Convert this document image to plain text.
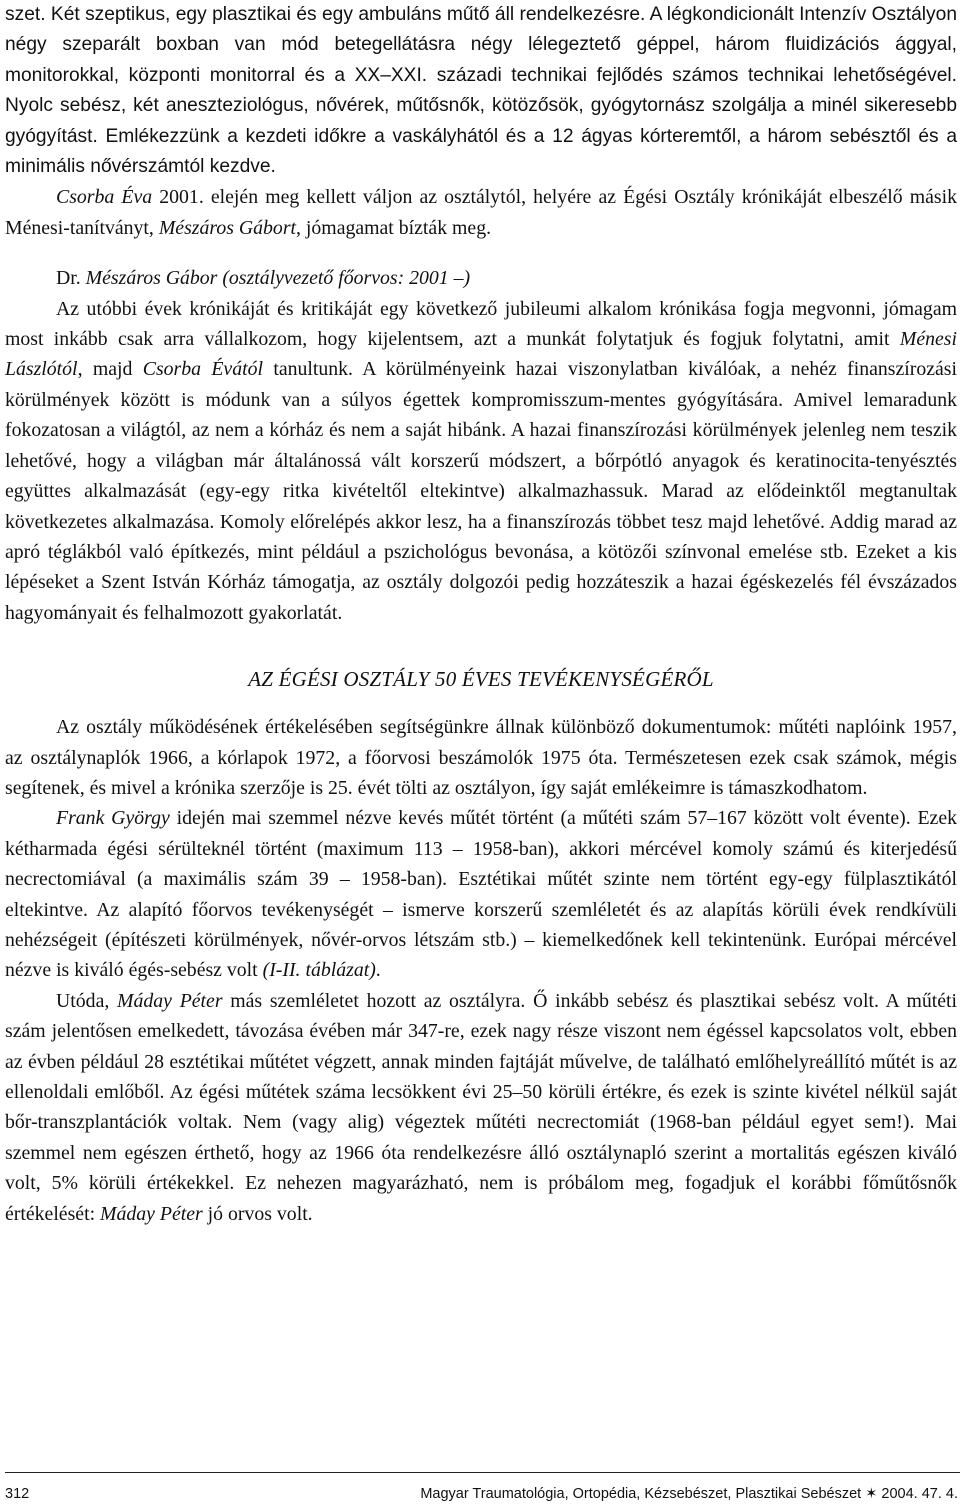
szet. Két szeptikus, egy plasztikai és egy ambuláns műtő áll rendelkezésre. A légkondicionált Intenzív Osztályon négy szeparált boxban van mód betegellátásra négy lélegeztető géppel, három fluidizációs ággyal, monitorokkal, központi monitorral és a XX–XXI. századi technikai fejlődés számos technikai lehetőségével. Nyolc sebész, két aneszteziológus, nővérek, műtősnők, kötözősök, gyógytornász szolgálja a minél sikeresebb gyógyítást. Emlékezzünk a kezdeti időkre a vaskályhától és a 12 ágyas kórteremtől, a három sebésztől és a minimális nővérszámtól kezdve.

Csorba Éva 2001. elején meg kellett váljon az osztálytól, helyére az Égési Osztály krónikáját elbeszélő másik Ménesi-tanítványt, Mészáros Gábort, jómagamat bízták meg.

Dr. Mészáros Gábor (osztályvezető főorvos: 2001 –)

Az utóbbi évek krónikáját és kritikáját egy következő jubileumi alkalom krónikása fogja megvonni, jómagam most inkább csak arra vállalkozom, hogy kijelentsem, azt a munkát folytatjuk és fogjuk folytatni, amit Ménesi Lászlótól, majd Csorba Évától tanultunk. A körülményeink hazai viszonylatban kiválóak, a nehéz finanszírozási körülmények között is módunk van a súlyos égettek kompromisszum-mentes gyógyítására. Amivel lemaradunk fokozatosan a világtól, az nem a kórház és nem a saját hibánk. A hazai finanszírozási körülmények jelenleg nem teszik lehetővé, hogy a világban már általánossá vált korszerű módszert, a bőrpótló anyagok és keratinocita-tenyésztés együttes alkalmazását (egy-egy ritka kivételtől eltekintve) alkalmazhassuk. Marad az elődeinktől megtanultak következetes alkalmazása. Komoly előrelépés akkor lesz, ha a finanszírozás többet tesz majd lehetővé. Addig marad az apró téglákból való építkezés, mint például a pszichológus bevonása, a kötözői színvonal emelése stb. Ezeket a kis lépéseket a Szent István Kórház támogatja, az osztály dolgozói pedig hozzáteszik a hazai égéskezelés fél évszázados hagyományait és felhalmozott gyakorlatát.

AZ ÉGÉSI OSZTÁLY 50 ÉVES TEVÉKENYSÉGÉRŐL

Az osztály működésének értékelésében segítségünkre állnak különböző dokumentumok: műtéti naplóink 1957, az osztálynaplók 1966, a kórlapok 1972, a főorvosi beszámolók 1975 óta. Természetesen ezek csak számok, mégis segítenek, és mivel a krónika szerzője is 25. évét tölti az osztályon, így saját emlékeimre is támaszkodhatom.

Frank György idején mai szemmel nézve kevés műtét történt (a műtéti szám 57–167 között volt évente). Ezek kétharmada égési sérülteknél történt (maximum 113 – 1958-ban), akkori mércével komoly számú és kiterjedésű necrectomiával (a maximális szám 39 – 1958-ban). Esztétikai műtét szinte nem történt egy-egy fülplasztikától eltekintve. Az alapító főorvos tevékenységét – ismerve korszerű szemléletét és az alapítás körüli évek rendkívüli nehézségeit (építészeti körülmények, nővér-orvos létszám stb.) – kiemelkedőnek kell tekintenünk. Európai mércével nézve is kiváló égés-sebész volt (I-II. táblázat).

Utóda, Máday Péter más szemléletet hozott az osztályra. Ő inkább sebész és plasztikai sebész volt. A műtéti szám jelentősen emelkedett, távozása évében már 347-re, ezek nagy része viszont nem égéssel kapcsolatos volt, ebben az évben például 28 esztétikai műtétet végzett, annak minden fajtáját művelve, de található emlőhelyreállító műtét is az ellenoldali emlőből. Az égési műtétek száma lecsökkent évi 25–50 körüli értékre, és ezek is szinte kivétel nélkül saját bőr-transzplantációk voltak. Nem (vagy alig) végeztek műtéti necrectomiát (1968-ban például egyet sem!). Mai szemmel nem egészen érthető, hogy az 1966 óta rendelkezésre álló osztálynapló szerint a mortalitás egészen kiváló volt, 5% körüli értékekkel. Ez nehezen magyarázható, nem is próbálom meg, fogadjuk el korábbi főműtősnők értékelését: Máday Péter jó orvos volt.

312	Magyar Traumatológia, Ortopédia, Kézsebészet, Plasztikai Sebészet ✶ 2004. 47. 4.
